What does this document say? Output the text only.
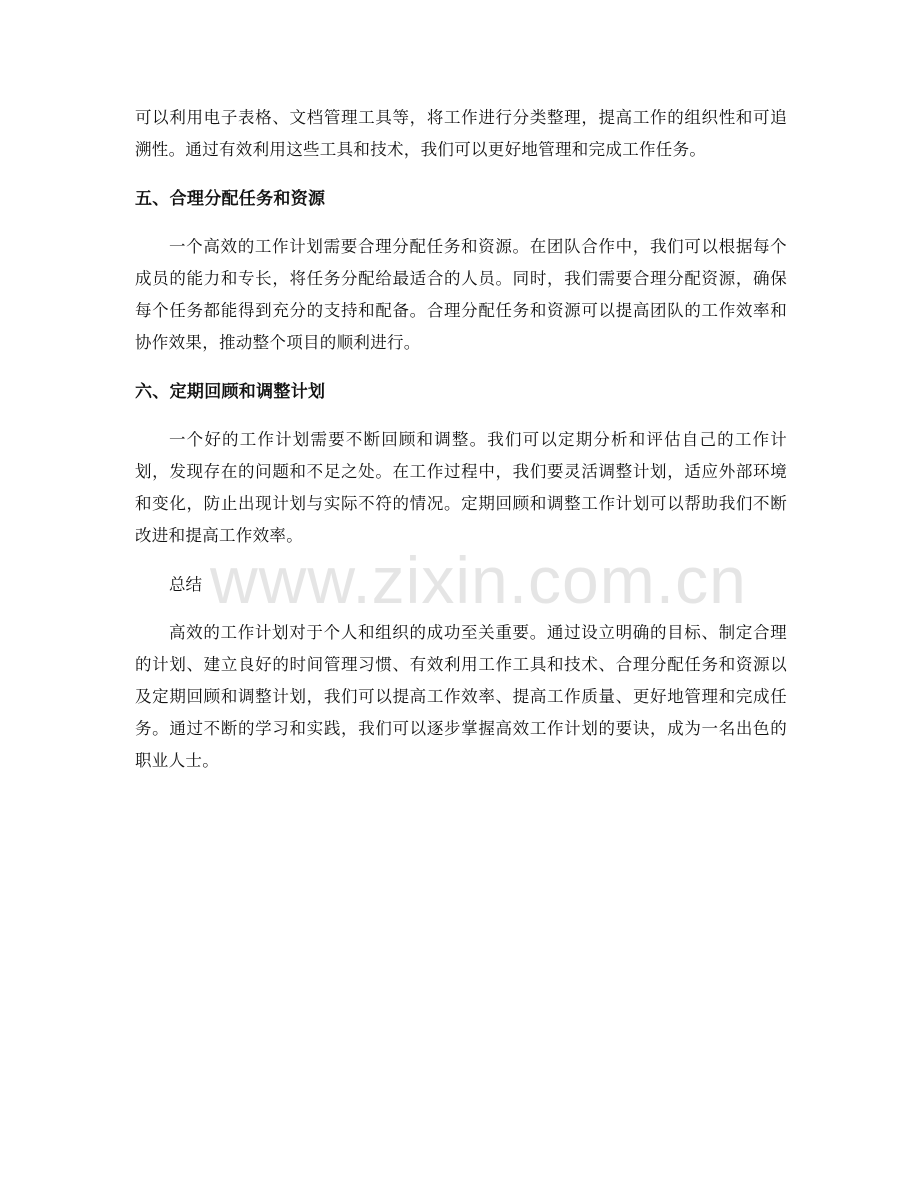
可以利用电子表格、文档管理工具等，将工作进行分类整理，提高工作的组织性和可追溯性。通过有效利用这些工具和技术，我们可以更好地管理和完成工作任务。

五、合理分配任务和资源

一个高效的工作计划需要合理分配任务和资源。在团队合作中，我们可以根据每个成员的能力和专长，将任务分配给最适合的人员。同时，我们需要合理分配资源，确保每个任务都能得到充分的支持和配备。合理分配任务和资源可以提高团队的工作效率和协作效果，推动整个项目的顺利进行。

六、定期回顾和调整计划

一个好的工作计划需要不断回顾和调整。我们可以定期分析和评估自己的工作计划，发现存在的问题和不足之处。在工作过程中，我们要灵活调整计划，适应外部环境和变化，防止出现计划与实际不符的情况。定期回顾和调整工作计划可以帮助我们不断改进和提高工作效率。

总结

高效的工作计划对于个人和组织的成功至关重要。通过设立明确的目标、制定合理的计划、建立良好的时间管理习惯、有效利用工作工具和技术、合理分配任务和资源以及定期回顾和调整计划，我们可以提高工作效率、提高工作质量、更好地管理和完成任务。通过不断的学习和实践，我们可以逐步掌握高效工作计划的要诀，成为一名出色的职业人士。

www.zixin.com.cn
